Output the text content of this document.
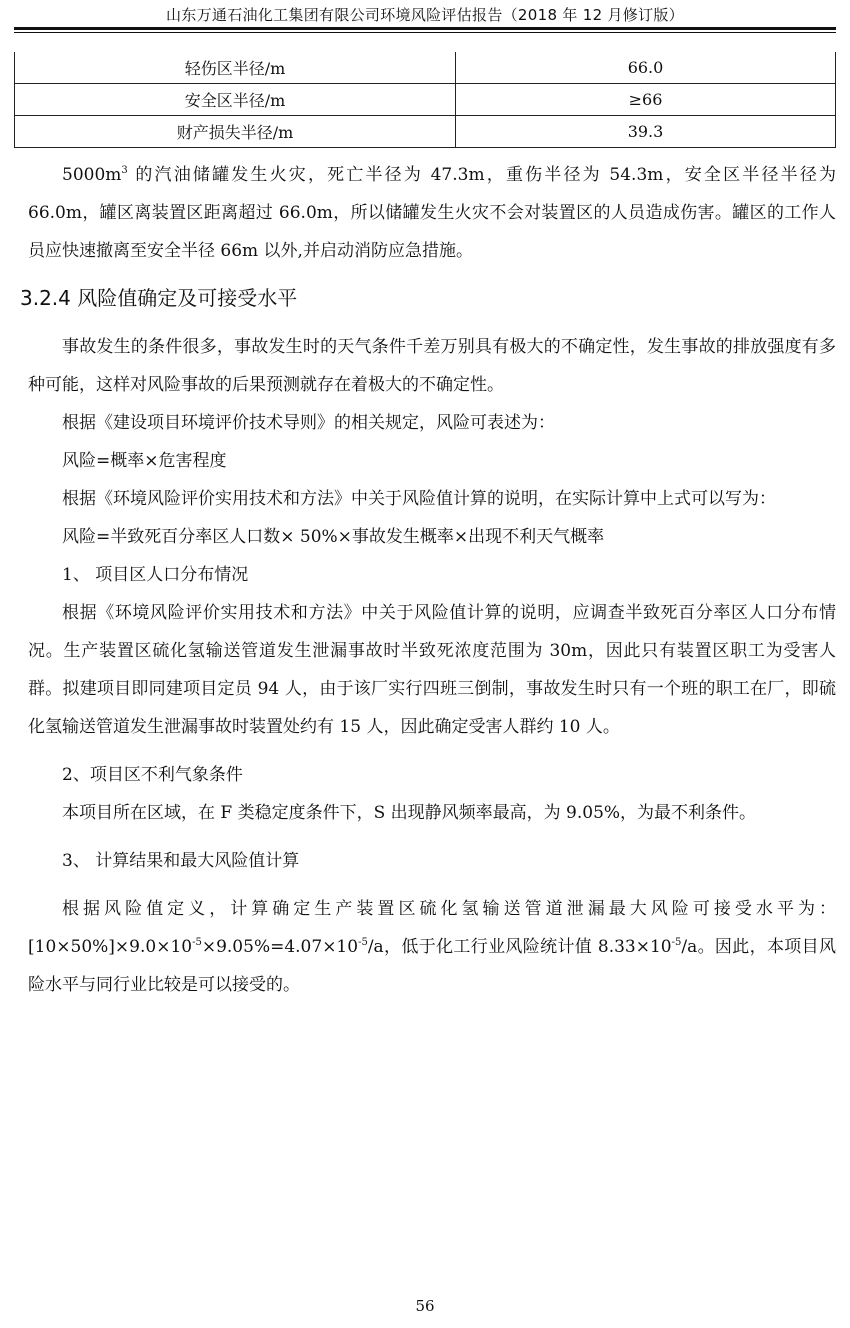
山东万通石油化工集团有限公司环境风险评估报告（2018 年 12 月修订版）
轻伤区半径/m	66.0
安全区半径/m	≥66
财产损失半径/m	39.3

$5000m^3$ 的汽油储罐发生火灾，死亡半径为 47.3m，重伤半径为 54.3m，安全区半径半径为 66.0m，罐区离装置区距离超过 66.0m，所以储罐发生火灾不会对装置区的人员造成伤害。罐区的工作人员应快速撤离至安全半径 66m 以外,并启动消防应急措施。

3.2.4 风险值确定及可接受水平

事故发生的条件很多，事故发生时的天气条件千差万别具有极大的不确定性，发生事故的排放强度有多种可能，这样对风险事故的后果预测就存在着极大的不确定性。

根据《建设项目环境评价技术导则》的相关规定，风险可表述为：

风险=概率×危害程度

根据《环境风险评价实用技术和方法》中关于风险值计算的说明，在实际计算中上式可以写为：

风险=半致死百分率区人口数× 50%×事故发生概率×出现不利天气概率

1、 项目区人口分布情况

根据《环境风险评价实用技术和方法》中关于风险值计算的说明，应调查半致死百分率区人口分布情况。生产装置区硫化氢输送管道发生泄漏事故时半致死浓度范围为 30m，因此只有装置区职工为受害人群。拟建项目即同建项目定员 94 人，由于该厂实行四班三倒制，事故发生时只有一个班的职工在厂，即硫化氢输送管道发生泄漏事故时装置处约有 15 人，因此确定受害人群约 10 人。

2、项目区不利气象条件

本项目所在区域，在 F 类稳定度条件下，S 出现静风频率最高，为 9.05%，为最不利条件。

3、 计算结果和最大风险值计算

根据风险值定义，计算确定生产装置区硫化氢输送管道泄漏最大风险可接受水平为：$[10\times 50\%]\times 9.0\times 10^{-5}\times 9.05\%=4.07\times 10^{-5}/a$，低于化工行业风险统计值 $8.33\times 10^{-5}/a$。因此，本项目风险水平与同行业比较是可以接受的。

56
